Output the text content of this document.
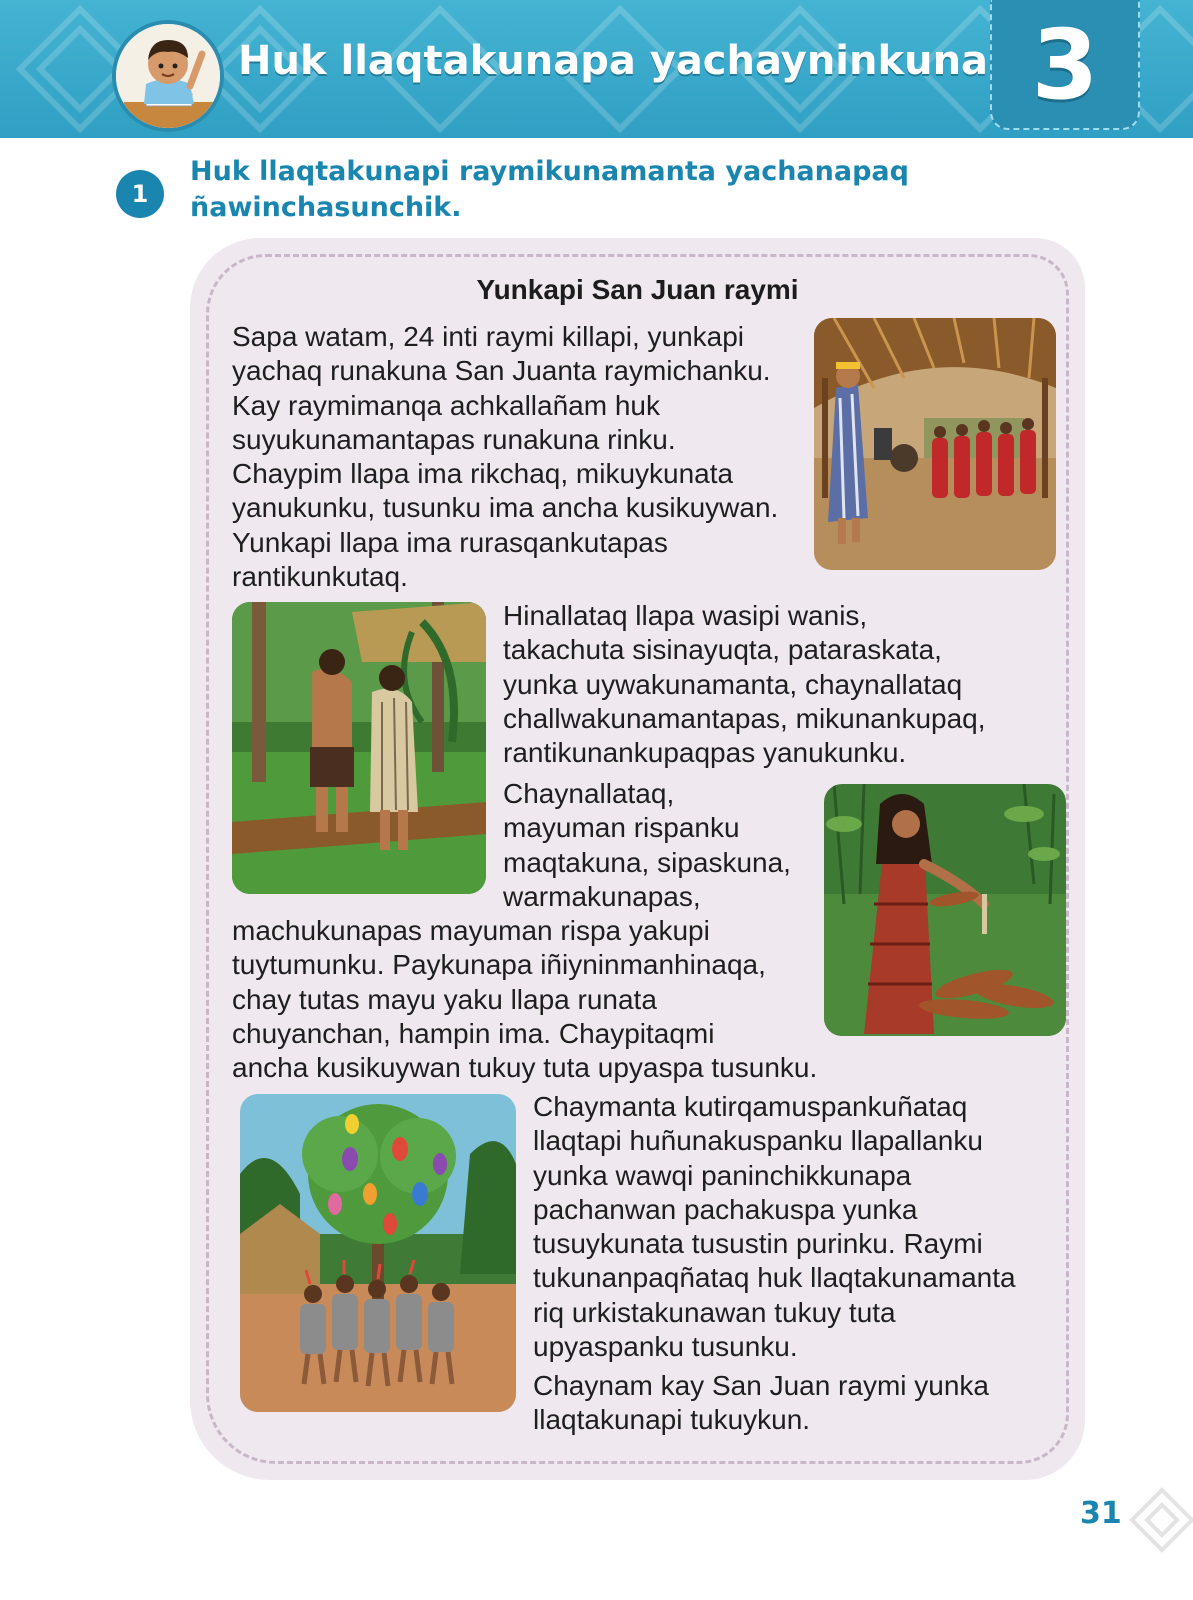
Huk llaqtakunapa yachayninkuna 3
1
Huk llaqtakunapi raymikunamanta yachanapaq ñawinchasunchik.
Yunkapi San Juan raymi
Sapa watam, 24 inti raymi killapi, yunkapi
yachaq runakuna San Juanta raymichanku.
Kay raymimanqa achkallañam huk
suyukunamantapas runakuna rinku.
Chaypim llapa ima rikchaq, mikuykunata
yanukunku, tusunku ima ancha kusikuywan.
Yunkapi llapa ima rurasqankutapas
rantikunkutaq.
Hinallataq llapa wasipi wanis,
takachuta sisinayuqta, pataraskata,
yunka uywakunamanta, chaynallataq
challwakunamantapas, mikunankupaq,
rantikunankupaqpas yanukunku.
Chaynallataq,
mayuman rispanku
maqtakuna, sipaskuna,
warmakunapas,
machukunapas mayuman rispa yakupi
tuytumunku. Paykunapa iñiyninmanhinaqa,
chay tutas mayu yaku llapa runata
chuyanchan, hampin ima. Chaypitaqmi
ancha kusikuywan tukuy tuta upyaspa tusunku.
Chaymanta kutirqamuspankuñataq
llaqtapi huñunakuspanku llapallanku
yunka wawqi paninchikkunapa
pachanwan pachakuspa yunka
tusuykunata tusustin purinku. Raymi
tukunanpaqñataq huk llaqtakunamanta
riq urkistakunawan tukuy tuta
upyaspanku tusunku.
Chaynam kay San Juan raymi yunka
llaqtakunapi tukuykun.
31
